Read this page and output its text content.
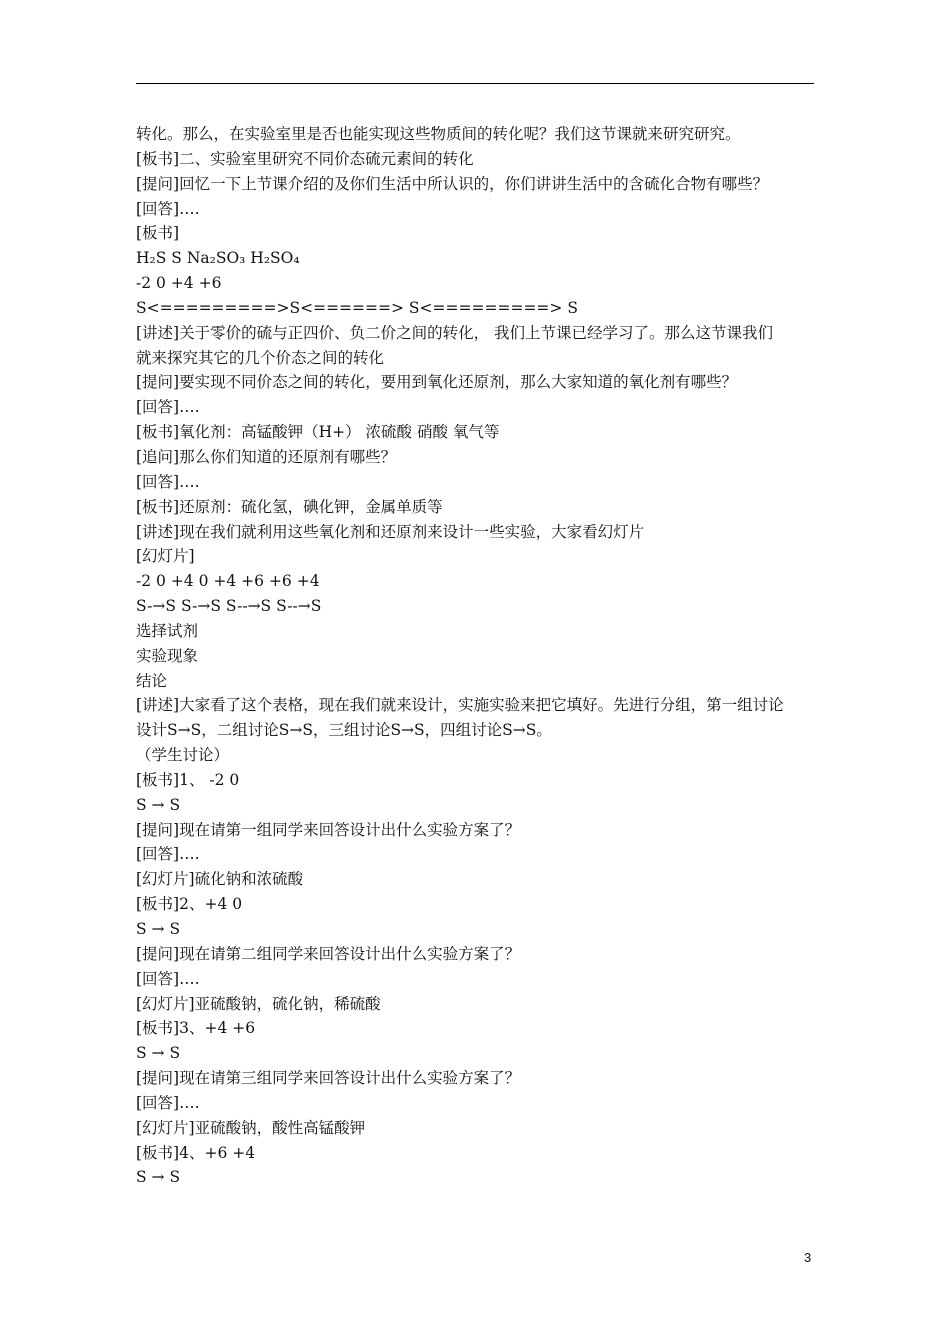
转化。那么，在实验室里是否也能实现这些物质间的转化呢？我们这节课就来研究研究。
[板书]二、实验室里研究不同价态硫元素间的转化
[提问]回忆一下上节课介绍的及你们生活中所认识的，你们讲讲生活中的含硫化合物有哪些？
[回答]….
[板书]
H₂S S Na₂SO₃ H₂SO₄
-2 0 +4 +6
S<=========>S<======> S<=========> S
[讲述]关于零价的硫与正四价、负二价之间的转化， 我们上节课已经学习了。那么这节课我们
就来探究其它的几个价态之间的转化
[提问]要实现不同价态之间的转化，要用到氧化还原剂，那么大家知道的氧化剂有哪些？
[回答]….
[板书]氧化剂：高锰酸钾（H+） 浓硫酸 硝酸 氧气等
[追问]那么你们知道的还原剂有哪些？
[回答]….
[板书]还原剂：硫化氢，碘化钾，金属单质等
[讲述]现在我们就利用这些氧化剂和还原剂来设计一些实验，大家看幻灯片
[幻灯片]
-2 0 +4 0 +4 +6 +6 +4
S-→S S-→S S--→S S--→S
选择试剂
实验现象
结论
[讲述]大家看了这个表格，现在我们就来设计，实施实验来把它填好。先进行分组，第一组讨论
设计S→S，二组讨论S→S，三组讨论S→S，四组讨论S→S。
（学生讨论）
[板书]1、 -2 0
S → S
[提问]现在请第一组同学来回答设计出什么实验方案了？
[回答]….
[幻灯片]硫化钠和浓硫酸
[板书]2、+4 0
S → S
[提问]现在请第二组同学来回答设计出什么实验方案了？
[回答]….
[幻灯片]亚硫酸钠，硫化钠，稀硫酸
[板书]3、+4 +6
S → S
[提问]现在请第三组同学来回答设计出什么实验方案了？
[回答]….
[幻灯片]亚硫酸钠，酸性高锰酸钾
[板书]4、+6 +4
S → S
3
